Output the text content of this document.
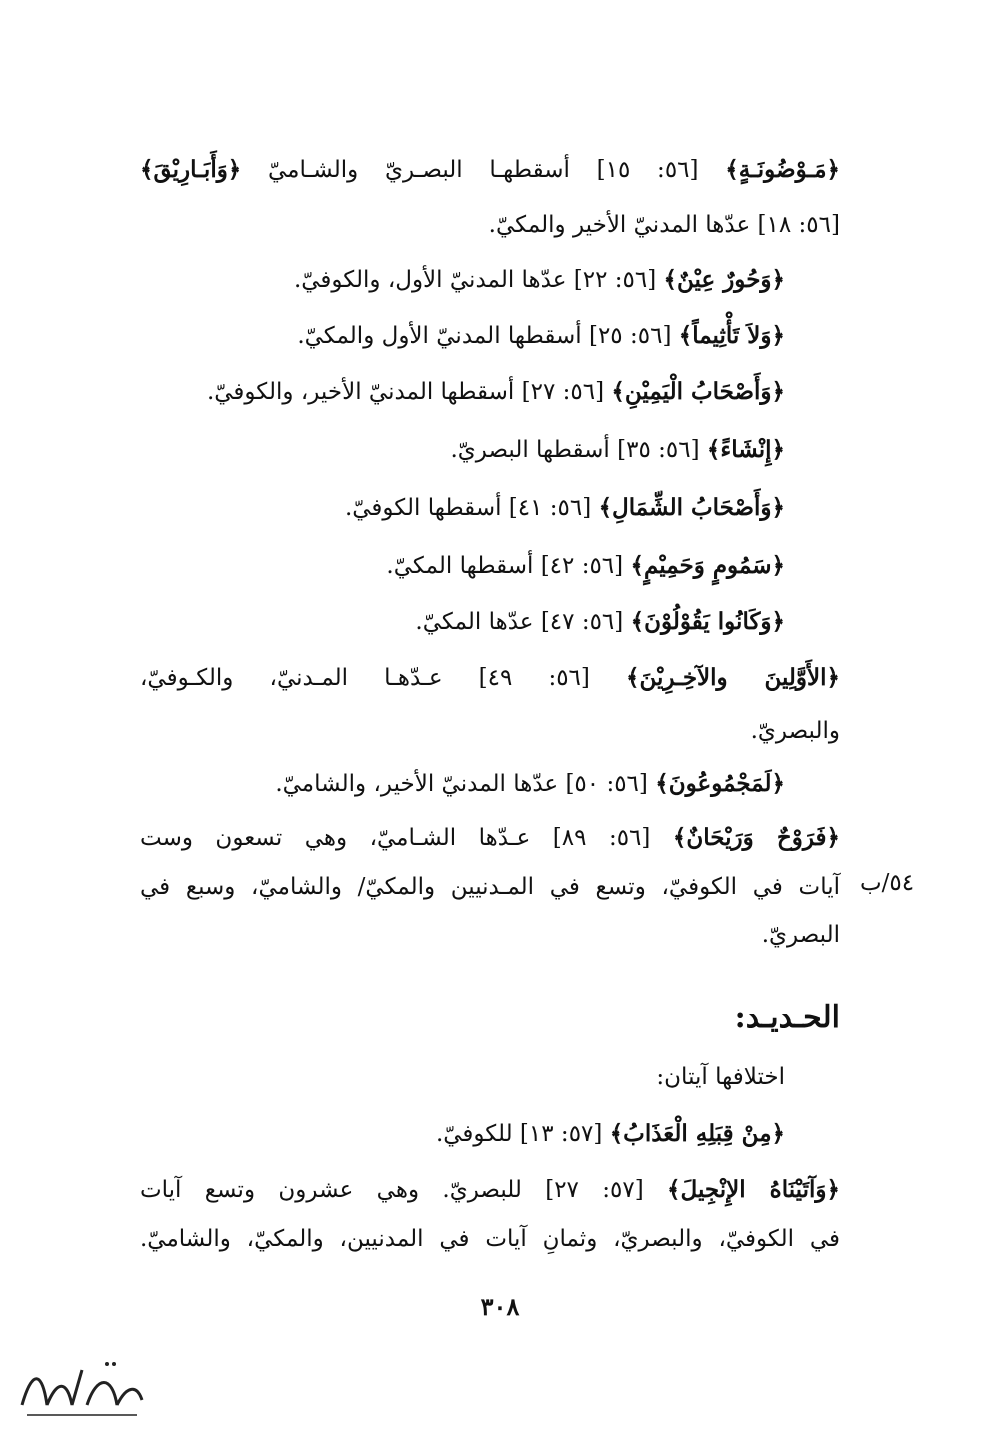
﴿مَـوْضُونَـةٍ﴾ [٥٦: ١٥] أسقطهـا البصـريّ والشـاميّ ﴿وَأَبَـارِيْقَ﴾
[٥٦: ١٨] عدّها المدنيّ الأخير والمكيّ.
﴿وَحُورٌ عِيْنٌ﴾ [٥٦: ٢٢] عدّها المدنيّ الأول، والكوفيّ.
﴿وَلاَ تَأْثِيماً﴾ [٥٦: ٢٥] أسقطها المدنيّ الأول والمكيّ.
﴿وَأَصْحَابُ الْيَمِيْنِ﴾ [٥٦: ٢٧] أسقطها المدنيّ الأخير، والكوفيّ.
﴿إِنْشَاءً﴾ [٥٦: ٣٥] أسقطها البصريّ.
﴿وَأَصْحَابُ الشِّمَالِ﴾ [٥٦: ٤١] أسقطها الكوفيّ.
﴿سَمُومٍ وَحَمِيْمٍ﴾ [٥٦: ٤٢] أسقطها المكيّ.
﴿وَكَانُوا يَقُوْلُوْنَ﴾ [٥٦: ٤٧] عدّها المكيّ.
﴿الأَوَّلِينَ والآخِـرِيْنَ﴾ [٥٦: ٤٩] عـدّهـا المـدنيّ، والكـوفيّ،
والبصريّ.
﴿لَمَجْمُوعُونَ﴾ [٥٦: ٥٠] عدّها المدنيّ الأخير، والشاميّ.
﴿فَرَوْحٌ وَرَيْحَانٌ﴾ [٥٦: ٨٩] عـدّها الشـاميّ، وهي تسعون وست
آيات في الكوفيّ، وتسع في المـدنيين والمكيّ/ والشاميّ، وسبع في
البصريّ.
٥٤/ب
الحـديـد:
اختلافها آيتان:
﴿مِنْ قِبَلِهِ الْعَذَابُ﴾ [٥٧: ١٣] للكوفيّ.
﴿وَآتَيْنَاهُ الإِنْجِيلَ﴾ [٥٧: ٢٧] للبصريّ. وهي عشرون وتسع آيات
في الكوفيّ، والبصريّ، وثمانِ آيات في المدنيين، والمكيّ، والشاميّ.
٣٠٨
